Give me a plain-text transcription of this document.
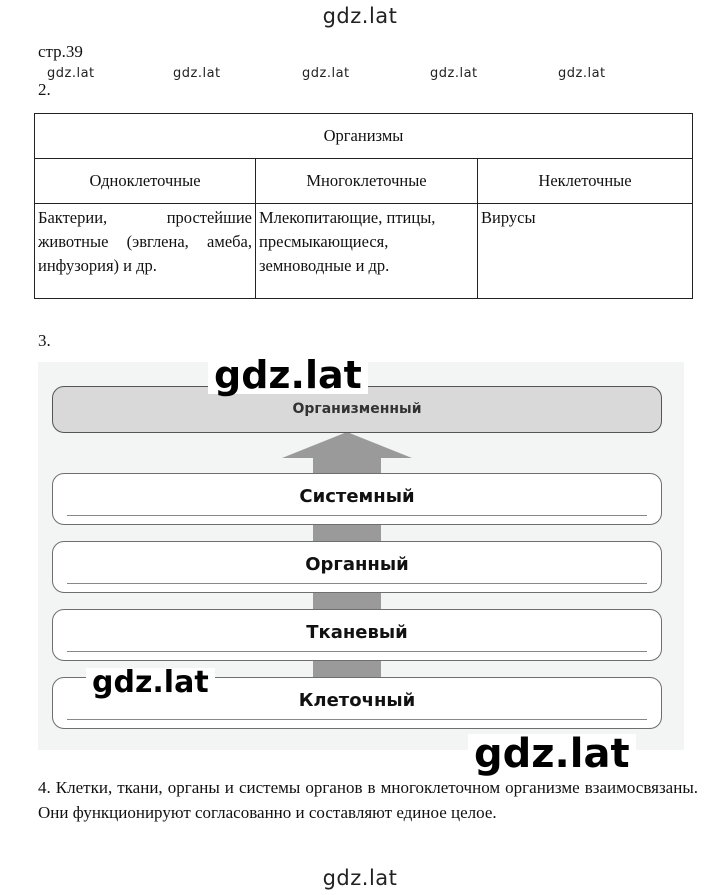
gdz.lat
стр.39
gdz.lat	gdz.lat	gdz.lat	gdz.lat	gdz.lat
2.
Организмы		
Одноклеточные	Многоклеточные	Неклеточные
Бактерии, простейшие животные (эвглена, амеба, инфузория) и др.	Млекопитающие, птицы, пресмыкающиеся, земноводные и др.	Вирусы
3.
Организменный
Системный
Органный
Тканевый
Клеточный
gdz.lat
gdz.lat
gdz.lat
4. Клетки, ткани, органы и системы органов в многоклеточном организме взаимосвязаны. Они функционируют согласованно и составляют единое целое.
gdz.lat
